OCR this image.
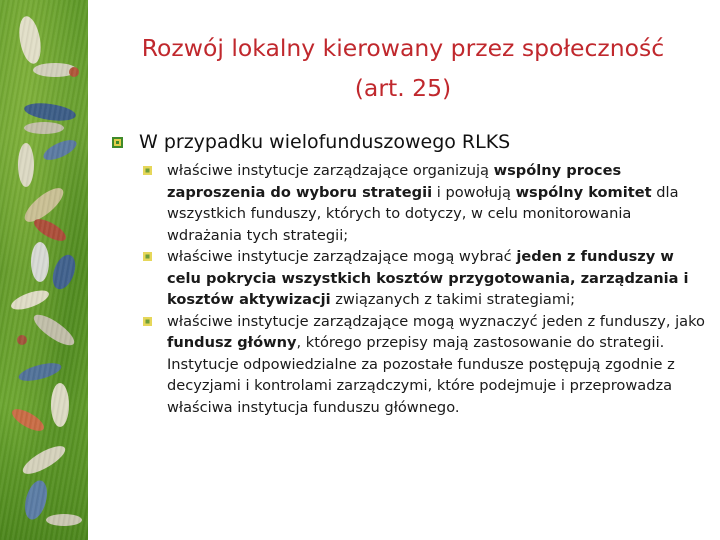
Rozwój lokalny kierowany przez społeczność
(art. 25)
W przypadku wielofunduszowego RLKS
właściwe instytucje zarządzające organizują wspólny proces zaproszenia do wyboru strategii i powołują wspólny komitet dla wszystkich funduszy, których to dotyczy, w celu monitorowania wdrażania tych strategii;
właściwe instytucje zarządzające mogą wybrać jeden z funduszy w celu pokrycia wszystkich kosztów przygotowania, zarządzania i kosztów aktywizacji związanych z takimi strategiami;
właściwe instytucje zarządzające mogą wyznaczyć jeden z funduszy, jako fundusz główny, którego przepisy mają zastosowanie do strategii. Instytucje odpowiedzialne za pozostałe fundusze postępują zgodnie z decyzjami i kontrolami zarządczymi, które podejmuje i przeprowadza właściwa instytucja funduszu głównego.
